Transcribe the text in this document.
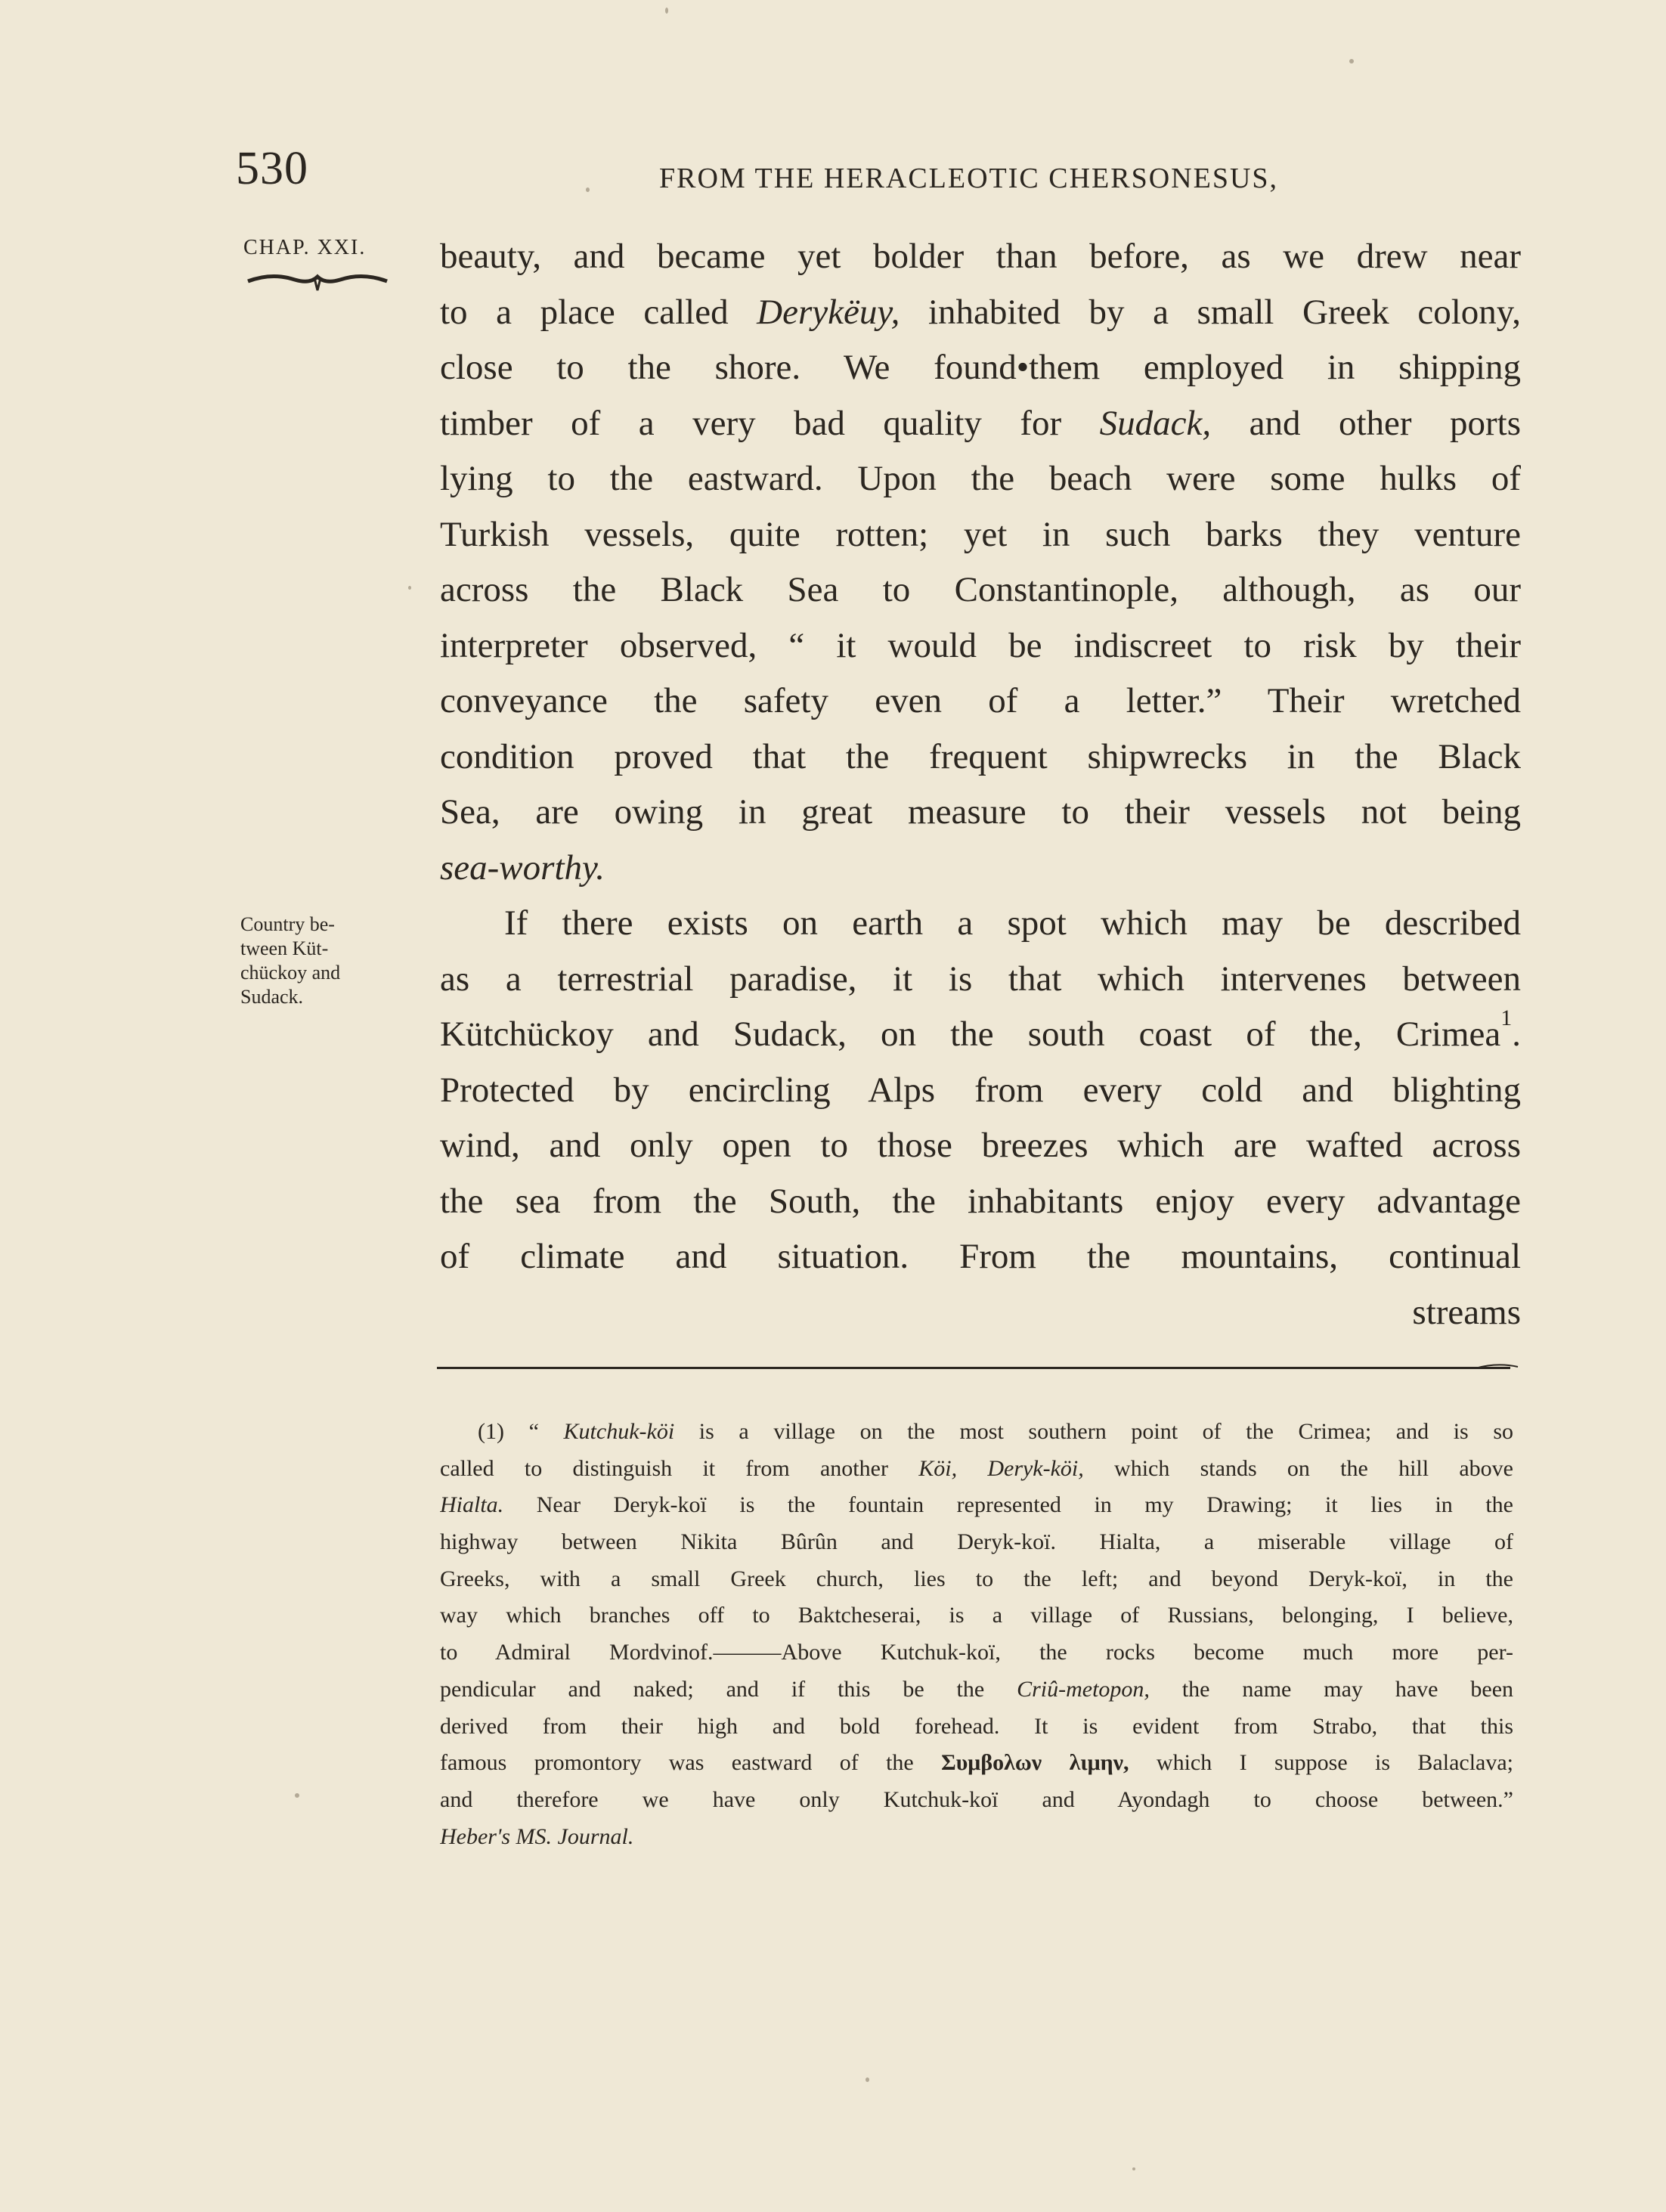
530	FROM THE HERACLEOTIC CHERSONESUS,
CHAP. XXI.
Country be-
tween Küt-
chückoy and
Sudack.
beauty, and became yet bolder than before, as we drew near
to a place called Derykëuy, inhabited by a small Greek colony,
close to the shore. We found•them employed in shipping
timber of a very bad quality for Sudack, and other ports
lying to the eastward. Upon the beach were some hulks of
Turkish vessels, quite rotten; yet in such barks they venture
across the Black Sea to Constantinople, although, as our
interpreter observed, “ it would be indiscreet to risk by their
conveyance the safety even of a letter.” Their wretched
condition proved that the frequent shipwrecks in the Black
Sea, are owing in great measure to their vessels not being
sea-worthy.
If there exists on earth a spot which may be described
as a terrestrial paradise, it is that which intervenes between
Kütchückoy and Sudack, on the south coast of the, Crimea$^1$.
Protected by encircling Alps from every cold and blighting
wind, and only open to those breezes which are wafted across
the sea from the South, the inhabitants enjoy every advantage
of climate and situation. From the mountains, continual
streams
(1) “ Kutchuk-köi is a village on the most southern point of the Crimea; and is so
called to distinguish it from another Köi, Deryk-köi, which stands on the hill above
Hialta. Near Deryk-koï is the fountain represented in my Drawing; it lies in the
highway between Nikita Bûrûn and Deryk-koï. Hialta, a miserable village of
Greeks, with a small Greek church, lies to the left; and beyond Deryk-koï, in the
way which branches off to Baktcheserai, is a village of Russians, belonging, I believe,
to Admiral Mordvinof.———Above Kutchuk-koï, the rocks become much more per-
pendicular and naked; and if this be the Criû-metopon, the name may have been
derived from their high and bold forehead. It is evident from Strabo, that this
famous promontory was eastward of the Συμβολων λιμην, which I suppose is Balaclava;
and therefore we have only Kutchuk-koï and Ayondagh to choose between.”
Heber's MS. Journal.
